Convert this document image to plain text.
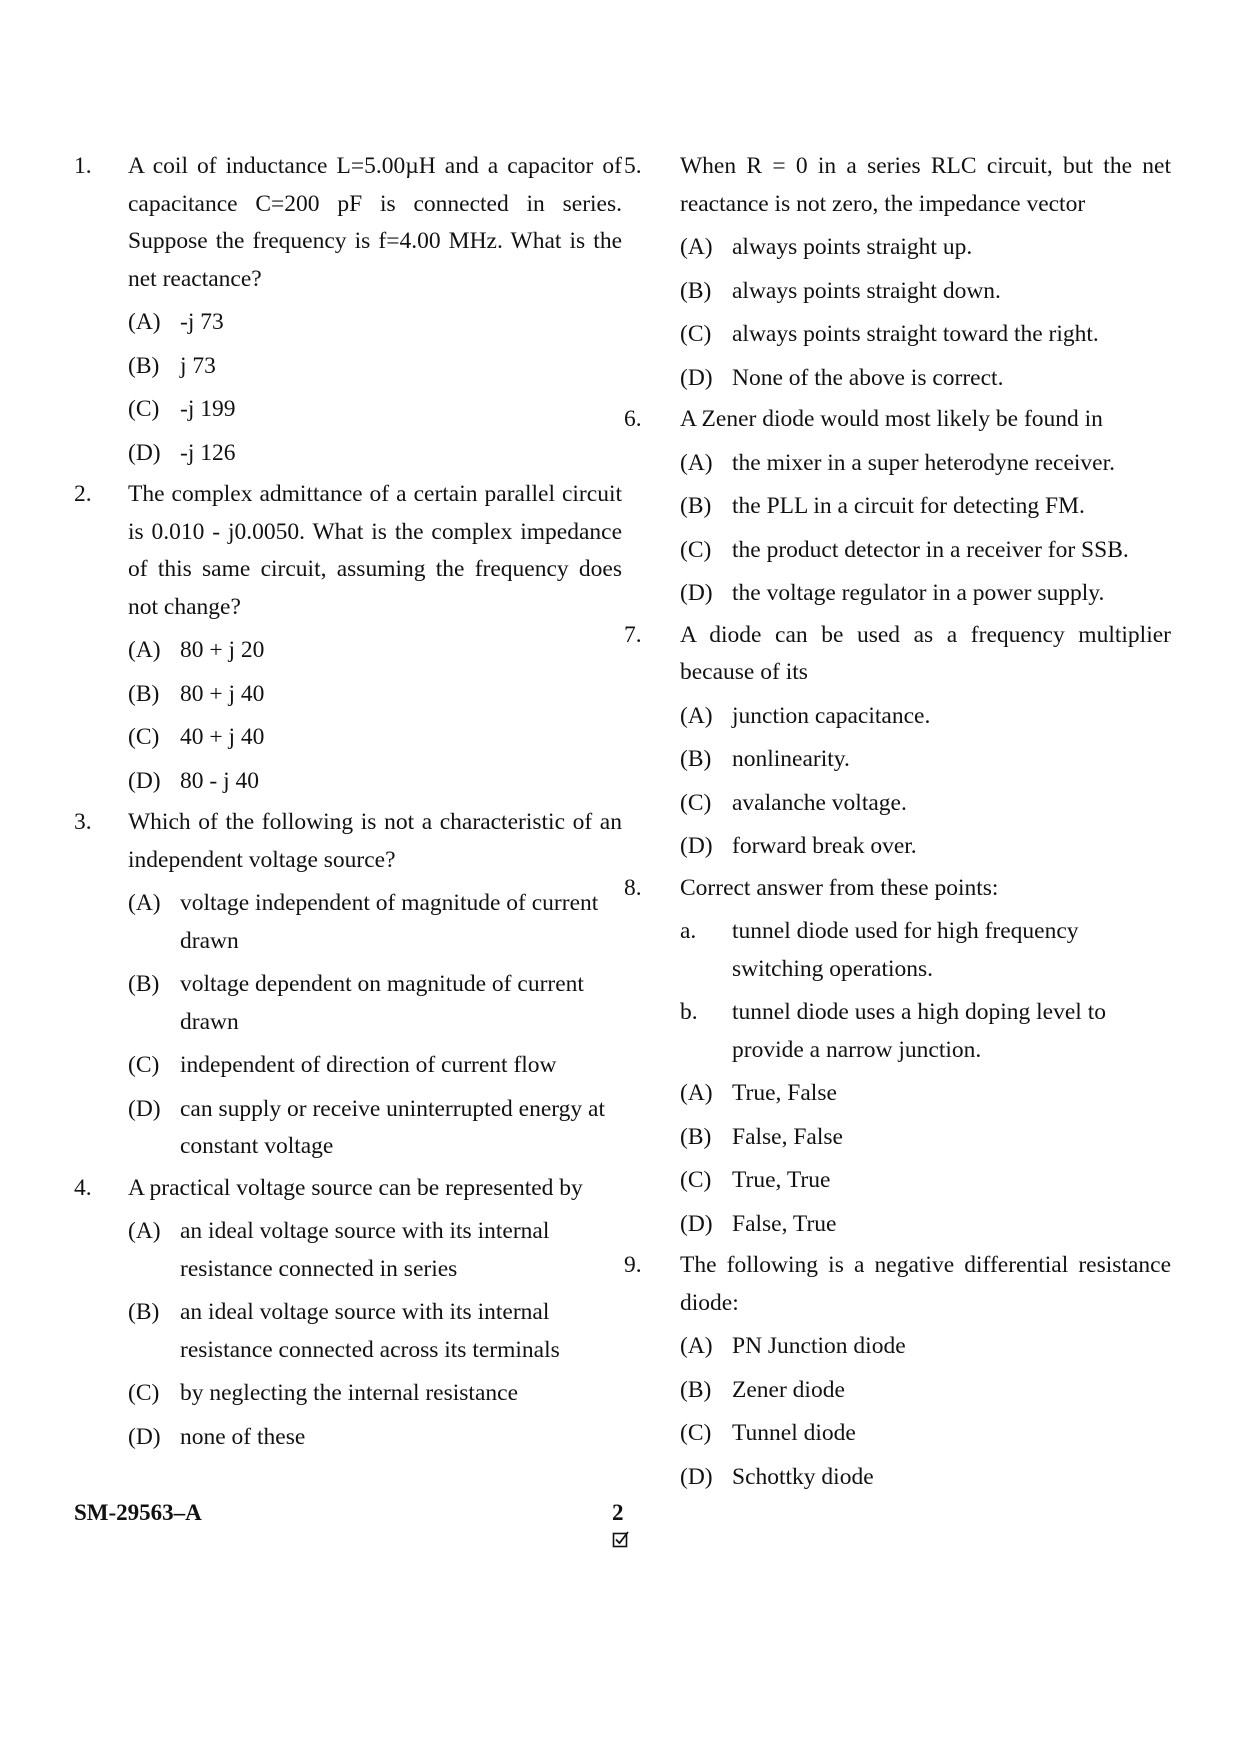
1. A coil of inductance L=5.00µH and a capacitor of capacitance C=200 pF is connected in series. Suppose the frequency is f=4.00 MHz. What is the net reactance?
(A) -j 73
(B) j 73
(C) -j 199
(D) -j 126
2. The complex admittance of a certain parallel circuit is 0.010 - j0.0050. What is the complex impedance of this same circuit, assuming the frequency does not change?
(A) 80 + j 20
(B) 80 + j 40
(C) 40 + j 40
(D) 80 - j 40
3. Which of the following is not a characteristic of an independent voltage source?
(A) voltage independent of magnitude of current drawn
(B) voltage dependent on magnitude of current drawn
(C) independent of direction of current flow
(D) can supply or receive uninterrupted energy at constant voltage
4. A practical voltage source can be represented by
(A) an ideal voltage source with its internal resistance connected in series
(B) an ideal voltage source with its internal resistance connected across its terminals
(C) by neglecting the internal resistance
(D) none of these
5. When R = 0 in a series RLC circuit, but the net reactance is not zero, the impedance vector
(A) always points straight up.
(B) always points straight down.
(C) always points straight toward the right.
(D) None of the above is correct.
6. A Zener diode would most likely be found in
(A) the mixer in a super heterodyne receiver.
(B) the PLL in a circuit for detecting FM.
(C) the product detector in a receiver for SSB.
(D) the voltage regulator in a power supply.
7. A diode can be used as a frequency multiplier because of its
(A) junction capacitance.
(B) nonlinearity.
(C) avalanche voltage.
(D) forward break over.
8. Correct answer from these points:
a. tunnel diode used for high frequency switching operations.
b. tunnel diode uses a high doping level to provide a narrow junction.
(A) True, False
(B) False, False
(C) True, True
(D) False, True
9. The following is a negative differential resistance diode:
(A) PN Junction diode
(B) Zener diode
(C) Tunnel diode
(D) Schottky diode
SM-29563–A	2
